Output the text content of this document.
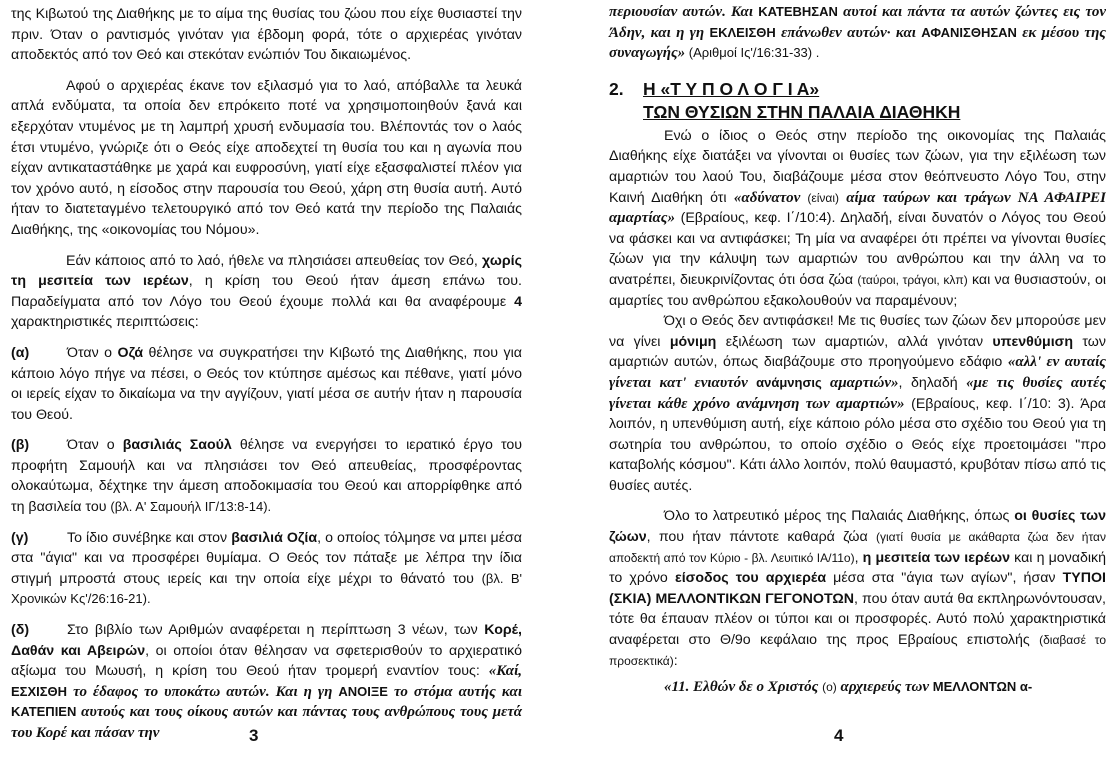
της Κιβωτού της Διαθήκης με το αίμα της θυσίας του ζώου που είχε θυσιαστεί την πριν. Όταν ο ραντισμός γινόταν για έβδομη φορά, τότε ο αρχιερέας γινόταν αποδεκτός από τον Θεό και στεκόταν ενώπιόν Του δικαιωμένος.

Αφού ο αρχιερέας έκανε τον εξιλασμό για το λαό, απόβαλλε τα λευκά απλά ενδύματα, τα οποία δεν επρόκειτο ποτέ να χρησιμοποιηθούν ξανά και εξερχόταν ντυμένος με τη λαμπρή χρυσή ενδυμασία του. Βλέποντάς τον ο λαός έτσι ντυμένο, γνώριζε ότι ο Θεός είχε αποδεχτεί τη θυσία του και η αγωνία που είχαν αντικαταστάθηκε με χαρά και ευφροσύνη, γιατί είχε εξασφαλιστεί πλέον για τον χρόνο αυτό, η είσοδος στην παρουσία του Θεού, χάρη στη θυσία αυτή. Αυτό ήταν το διατεταγμένο τελετουργικό από τον Θεό κατά την περίοδο της Παλαιάς Διαθήκης, της «οικονομίας του Νόμου».

Εάν κάποιος από το λαό, ήθελε να πλησιάσει απευθείας τον Θεό, χωρίς τη μεσιτεία των ιερέων, η κρίση του Θεού ήταν άμεση επάνω του. Παραδείγματα από τον Λόγο του Θεού έχουμε πολλά και θα αναφέρουμε 4 χαρακτηριστικές περιπτώσεις:

(α)	Όταν ο Οζά θέλησε να συγκρατήσει την Κιβωτό της Διαθήκης, που για κάποιο λόγο πήγε να πέσει, ο Θεός τον κτύπησε αμέσως και πέθανε, γιατί μόνο οι ιερείς είχαν το δικαίωμα να την αγγίζουν, γιατί μέσα σε αυτήν ήταν η παρουσία του Θεού.

(β)	Όταν ο βασιλιάς Σαούλ θέλησε να ενεργήσει το ιερατικό έργο του προφήτη Σαμουήλ και να πλησιάσει τον Θεό απευθείας, προσφέροντας ολοκαύτωμα, δέχτηκε την άμεση αποδοκιμασία του Θεού και απορρίφθηκε από τη βασιλεία του (βλ. Α' Σαμουήλ ΙΓ/13:8-14).

(γ)	Το ίδιο συνέβηκε και στον βασιλιά Οζία, ο οποίος τόλμησε να μπει μέσα στα "άγια" και να προσφέρει θυμίαμα. Ο Θεός τον πάταξε με λέπρα την ίδια στιγμή μπροστά στους ιερείς και την οποία είχε μέχρι το θάνατό του (βλ. Β' Χρονικών Κς'/26:16-21).

(δ)	Στο βιβλίο των Αριθμών αναφέρεται η περίπτωση 3 νέων, των Κορέ, Δαθάν και Αβειρών, οι οποίοι όταν θέλησαν να σφετερισθούν το αρχιερατικό αξίωμα του Μωυσή, η κρίση του Θεού ήταν τρομερή εναντίον τους: «Καί, ΕΣΧΙΣΘΗ το έδαφος το υποκάτω αυτών. Και η γη ΑΝΟΙΞΕ το στόμα αυτής και ΚΑΤΕΠΙΕΝ αυτούς και τους οίκους αυτών και πάντας τους ανθρώπους τους μετά του Κορέ και πάσαν την	3

περιουσίαν αυτών. Και ΚΑΤΕΒΗΣΑΝ αυτοί και πάντα τα αυτών ζώντες εις τον Άδην, και η γη ΕΚΛΕΙΣΘΗ επάνωθεν αυτών· και ΑΦΑΝΙΣΘΗΣΑΝ εκ μέσου της συναγωγής» (Αριθμοί Ις'/16:31-33) .

2. Η «Τ Υ Π Ο Λ Ο Γ Ι Α»
ΤΩΝ ΘΥΣΙΩΝ ΣΤΗΝ ΠΑΛΑΙΑ ΔΙΑΘΗΚΗ

Ενώ ο ίδιος ο Θεός στην περίοδο της οικονομίας της Παλαιάς Διαθήκης είχε διατάξει να γίνονται οι θυσίες των ζώων, για την εξιλέωση των αμαρτιών του λαού Του, διαβάζουμε μέσα στον θεόπνευστο Λόγο Του, στην Καινή Διαθήκη ότι «αδύνατον (είναι) αίμα ταύρων και τράγων ΝΑ ΑΦΑΙΡΕΙ αμαρτίας» (Εβραίους, κεφ. Ι΄/10:4). Δηλαδή, είναι δυνατόν ο Λόγος του Θεού να φάσκει και να αντιφάσκει; Τη μία να αναφέρει ότι πρέπει να γίνονται θυσίες ζώων για την κάλυψη των αμαρτιών του ανθρώπου και την άλλη να το ανατρέπει, διευκρινίζοντας ότι όσα ζώα (ταύροι, τράγοι, κλπ) και να θυσιαστούν, οι αμαρτίες του ανθρώπου εξακολουθούν να παραμένουν;

Όχι ο Θεός δεν αντιφάσκει! Με τις θυσίες των ζώων δεν μπορούσε μεν να γίνει μόνιμη εξιλέωση των αμαρτιών, αλλά γινόταν υπενθύμιση των αμαρτιών αυτών, όπως διαβάζουμε στο προηγούμενο εδάφιο «αλλ' εν αυταίς γίνεται κατ' ενιαυτόν ανάμνησις αμαρτιών», δηλαδή «με τις θυσίες αυτές γίνεται κάθε χρόνο ανάμνηση των αμαρτιών» (Εβραίους, κεφ. Ι΄/10: 3). Άρα λοιπόν, η υπενθύμιση αυτή, είχε κάποιο ρόλο μέσα στο σχέδιο του Θεού για τη σωτηρία του ανθρώπου, το οποίο σχέδιο ο Θεός είχε προετοιμάσει "προ καταβολής κόσμου". Κάτι άλλο λοιπόν, πολύ θαυμαστό, κρυβόταν πίσω από τις θυσίες αυτές.

Όλο το λατρευτικό μέρος της Παλαιάς Διαθήκης, όπως οι θυσίες των ζώων, που ήταν πάντοτε καθαρά ζώα (γιατί θυσία με ακάθαρτα ζώα δεν ήταν αποδεκτή από τον Κύριο - βλ. Λευιτικό ΙΑ/11ο), η μεσιτεία των ιερέων και η μοναδική το χρόνο είσοδος του αρχιερέα μέσα στα "άγια των αγίων", ήσαν ΤΥΠΟΙ (ΣΚΙΑ) ΜΕΛΛΟΝΤΙΚΩΝ ΓΕΓΟΝΟΤΩΝ, που όταν αυτά θα εκπληρωνόντουσαν, τότε θα έπαυαν πλέον οι τύποι και οι προσφορές. Αυτό πολύ χαρακτηριστικά αναφέρεται στο Θ/9ο κεφάλαιο της προς Εβραίους επιστολής (διαβασέ το προσεκτικά):

«11. Ελθών δε ο Χριστός (ο) αρχιερεύς των ΜΕΛΛΟΝΤΩΝ α-

4
